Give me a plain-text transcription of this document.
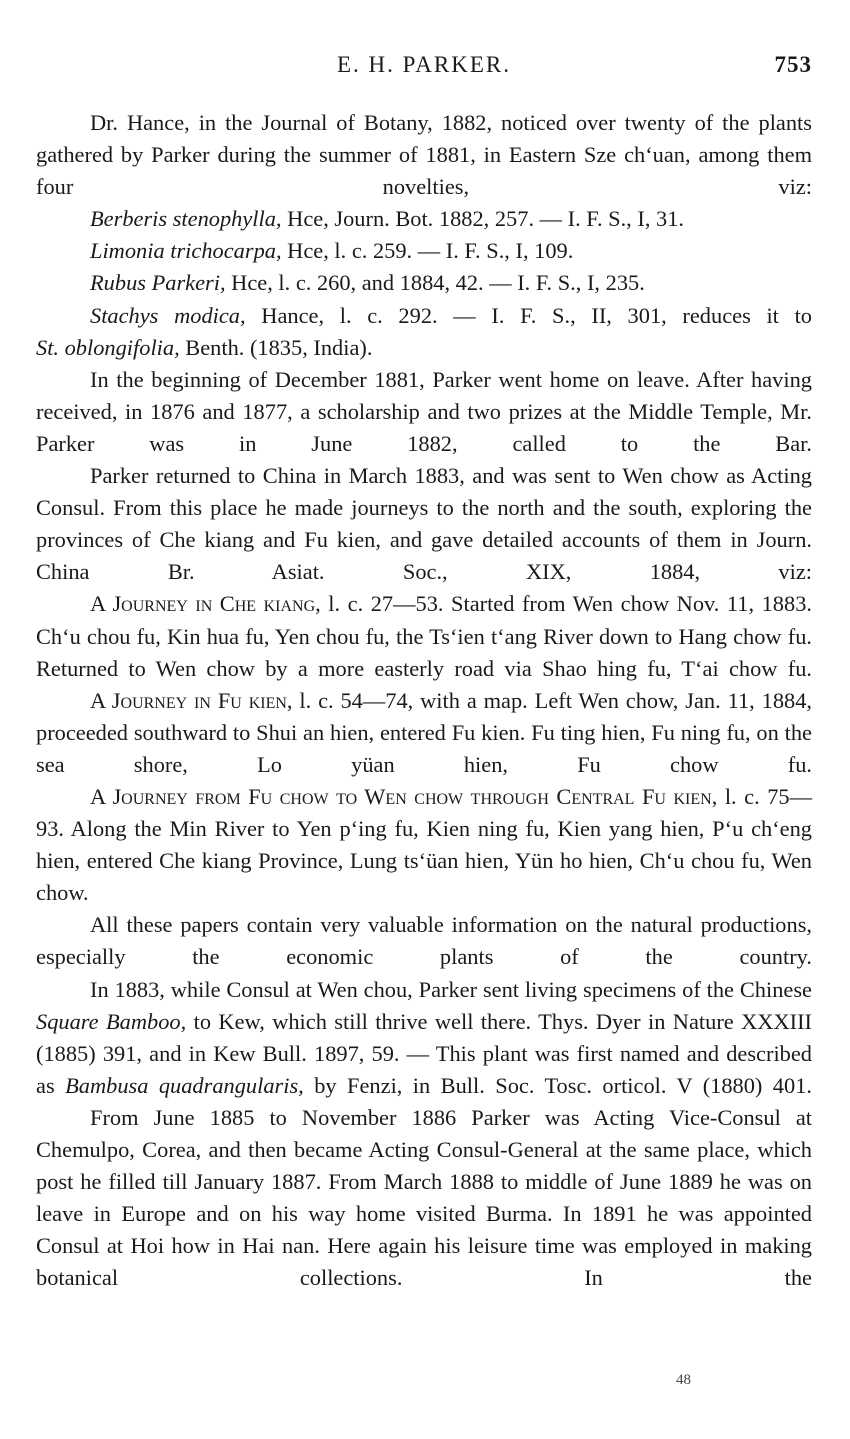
E. H. PARKER.	753

Dr. Hance, in the Journal of Botany, 1882, noticed over twenty of the plants gathered by Parker during the summer of 1881, in Eastern Sze ch‘uan, among them four novelties, viz:

Berberis stenophylla, Hce, Journ. Bot. 1882, 257. — I. F. S., I, 31.

Limonia trichocarpa, Hce, l. c. 259. — I. F. S., I, 109.

Rubus Parkeri, Hce, l. c. 260, and 1884, 42. — I. F. S., I, 235.

Stachys modica, Hance, l. c. 292. — I. F. S., II, 301, reduces it to

St. oblongifolia, Benth. (1835, India).

In the beginning of December 1881, Parker went home on leave. After having received, in 1876 and 1877, a scholarship and two prizes at the Middle Temple, Mr. Parker was in June 1882, called to the Bar.

Parker returned to China in March 1883, and was sent to Wen chow as Acting Consul. From this place he made journeys to the north and the south, exploring the provinces of Che kiang and Fu kien, and gave detailed accounts of them in Journ. China Br. Asiat. Soc., XIX, 1884, viz:

A Journey in Che kiang, l. c. 27—53. Started from Wen chow Nov. 11, 1883. Ch‘u chou fu, Kin hua fu, Yen chou fu, the Ts‘ien t‘ang River down to Hang chow fu. Returned to Wen chow by a more easterly road via Shao hing fu, T‘ai chow fu.

A Journey in Fu kien, l. c. 54—74, with a map. Left Wen chow, Jan. 11, 1884, proceeded southward to Shui an hien, entered Fu kien. Fu ting hien, Fu ning fu, on the sea shore, Lo yüan hien, Fu chow fu.

A Journey from Fu chow to Wen chow through Central Fu kien, l. c. 75—93. Along the Min River to Yen p‘ing fu, Kien ning fu, Kien yang hien, P‘u ch‘eng hien, entered Che kiang Province, Lung ts‘üan hien, Yün ho hien, Ch‘u chou fu, Wen chow.

All these papers contain very valuable information on the natural productions, especially the economic plants of the country.

In 1883, while Consul at Wen chou, Parker sent living specimens of the Chinese Square Bamboo, to Kew, which still thrive well there. Thys. Dyer in Nature XXXIII (1885) 391, and in Kew Bull. 1897, 59. — This plant was first named and described as Bambusa quadrangularis, by Fenzi, in Bull. Soc. Tosc. orticol. V (1880) 401.

From June 1885 to November 1886 Parker was Acting Vice-Consul at Chemulpo, Corea, and then became Acting Consul-General at the same place, which post he filled till January 1887. From March 1888 to middle of June 1889 he was on leave in Europe and on his way home visited Burma. In 1891 he was appointed Consul at Hoi how in Hai nan. Here again his leisure time was employed in making botanical collections. In the

48
